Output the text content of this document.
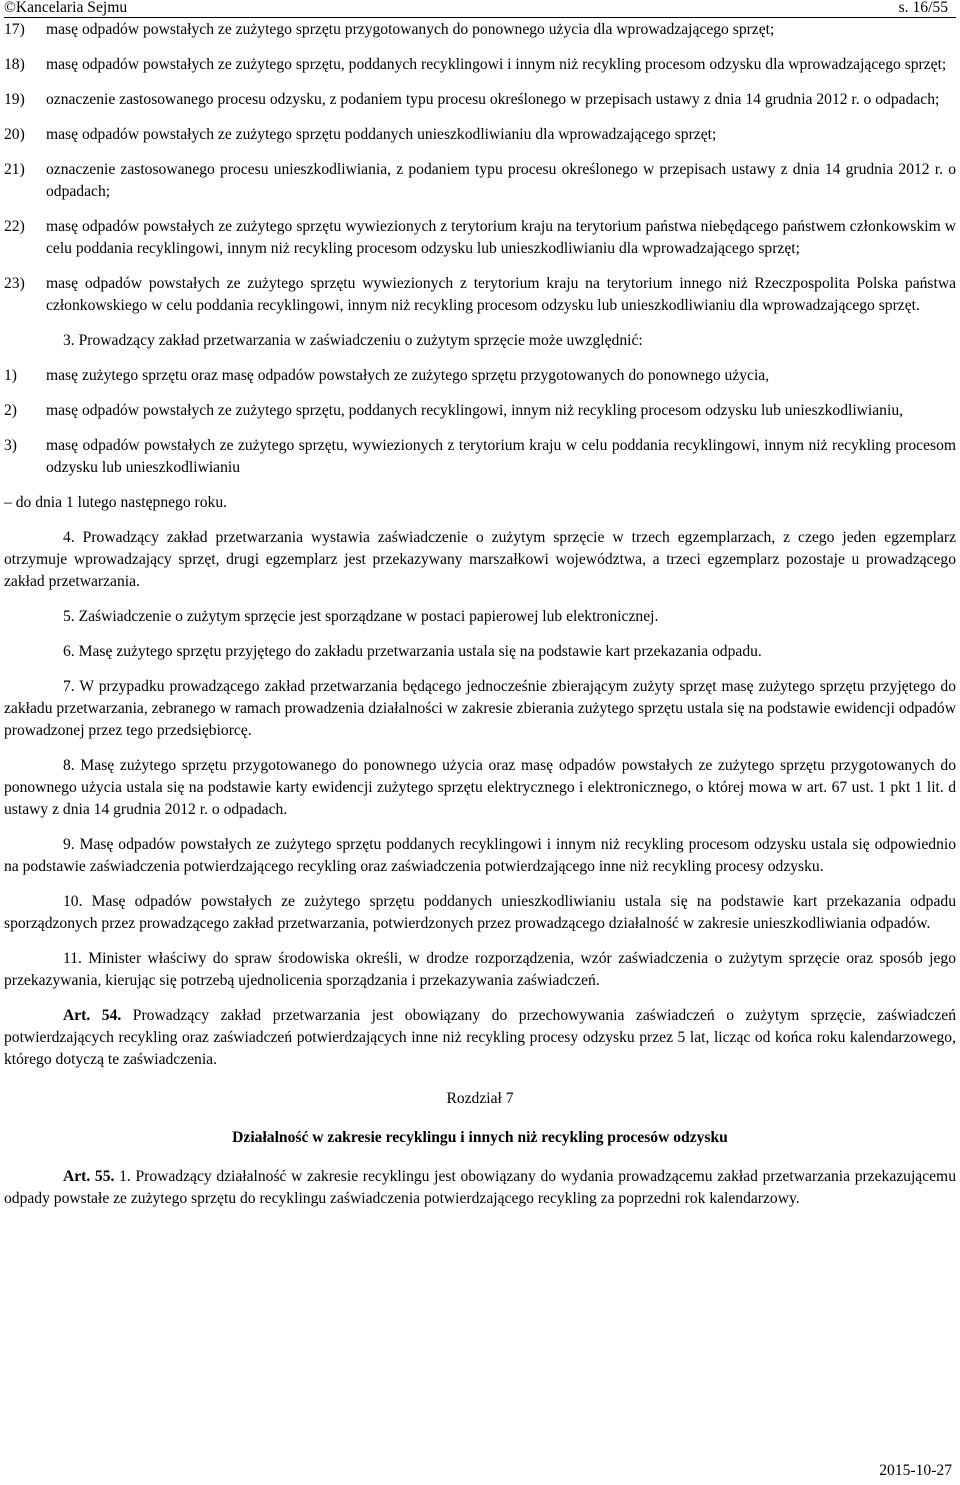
©Kancelaria Sejmu	s. 16/55
17)	masę odpadów powstałych ze zużytego sprzętu przygotowanych do ponownego użycia dla wprowadzającego sprzęt;
18)	masę odpadów powstałych ze zużytego sprzętu, poddanych recyklingowi i innym niż recykling procesom odzysku dla wprowadzającego sprzęt;
19)	oznaczenie zastosowanego procesu odzysku, z podaniem typu procesu określonego w przepisach ustawy z dnia 14 grudnia 2012 r. o odpadach;
20)	masę odpadów powstałych ze zużytego sprzętu poddanych unieszkodliwianiu dla wprowadzającego sprzęt;
21)	oznaczenie zastosowanego procesu unieszkodliwiania, z podaniem typu procesu określonego w przepisach ustawy z dnia 14 grudnia 2012 r. o odpadach;
22)	masę odpadów powstałych ze zużytego sprzętu wywiezionych z terytorium kraju na terytorium państwa niebędącego państwem członkowskim w celu poddania recyklingowi, innym niż recykling procesom odzysku lub unieszkodliwianiu dla wprowadzającego sprzęt;
23)	masę odpadów powstałych ze zużytego sprzętu wywiezionych z terytorium kraju na terytorium innego niż Rzeczpospolita Polska państwa członkowskiego w celu poddania recyklingowi, innym niż recykling procesom odzysku lub unieszkodliwianiu dla wprowadzającego sprzęt.

3. Prowadzący zakład przetwarzania w zaświadczeniu o zużytym sprzęcie może uwzględnić:

1)	masę zużytego sprzętu oraz masę odpadów powstałych ze zużytego sprzętu przygotowanych do ponownego użycia,
2)	masę odpadów powstałych ze zużytego sprzętu, poddanych recyklingowi, innym niż recykling procesom odzysku lub unieszkodliwianiu,
3)	masę odpadów powstałych ze zużytego sprzętu, wywiezionych z terytorium kraju w celu poddania recyklingowi, innym niż recykling procesom odzysku lub unieszkodliwianiu

– do dnia 1 lutego następnego roku.

4. Prowadzący zakład przetwarzania wystawia zaświadczenie o zużytym sprzęcie w trzech egzemplarzach, z czego jeden egzemplarz otrzymuje wprowadzający sprzęt, drugi egzemplarz jest przekazywany marszałkowi województwa, a trzeci egzemplarz pozostaje u prowadzącego zakład przetwarzania.

5. Zaświadczenie o zużytym sprzęcie jest sporządzane w postaci papierowej lub elektronicznej.

6. Masę zużytego sprzętu przyjętego do zakładu przetwarzania ustala się na podstawie kart przekazania odpadu.

7. W przypadku prowadzącego zakład przetwarzania będącego jednocześnie zbierającym zużyty sprzęt masę zużytego sprzętu przyjętego do zakładu przetwarzania, zebranego w ramach prowadzenia działalności w zakresie zbierania zużytego sprzętu ustala się na podstawie ewidencji odpadów prowadzonej przez tego przedsiębiorcę.

8. Masę zużytego sprzętu przygotowanego do ponownego użycia oraz masę odpadów powstałych ze zużytego sprzętu przygotowanych do ponownego użycia ustala się na podstawie karty ewidencji zużytego sprzętu elektrycznego i elektronicznego, o której mowa w art. 67 ust. 1 pkt 1 lit. d ustawy z dnia 14 grudnia 2012 r. o odpadach.

9. Masę odpadów powstałych ze zużytego sprzętu poddanych recyklingowi i innym niż recykling procesom odzysku ustala się odpowiednio na podstawie zaświadczenia potwierdzającego recykling oraz zaświadczenia potwierdzającego inne niż recykling procesy odzysku.

10. Masę odpadów powstałych ze zużytego sprzętu poddanych unieszkodliwianiu ustala się na podstawie kart przekazania odpadu sporządzonych przez prowadzącego zakład przetwarzania, potwierdzonych przez prowadzącego działalność w zakresie unieszkodliwiania odpadów.

11. Minister właściwy do spraw środowiska określi, w drodze rozporządzenia, wzór zaświadczenia o zużytym sprzęcie oraz sposób jego przekazywania, kierując się potrzebą ujednolicenia sporządzania i przekazywania zaświadczeń.

Art. 54. Prowadzący zakład przetwarzania jest obowiązany do przechowywania zaświadczeń o zużytym sprzęcie, zaświadczeń potwierdzających recykling oraz zaświadczeń potwierdzających inne niż recykling procesy odzysku przez 5 lat, licząc od końca roku kalendarzowego, którego dotyczą te zaświadczenia.

Rozdział 7

Działalność w zakresie recyklingu i innych niż recykling procesów odzysku

Art. 55. 1. Prowadzący działalność w zakresie recyklingu jest obowiązany do wydania prowadzącemu zakład przetwarzania przekazującemu odpady powstałe ze zużytego sprzętu do recyklingu zaświadczenia potwierdzającego recykling za poprzedni rok kalendarzowy.

2015-10-27
